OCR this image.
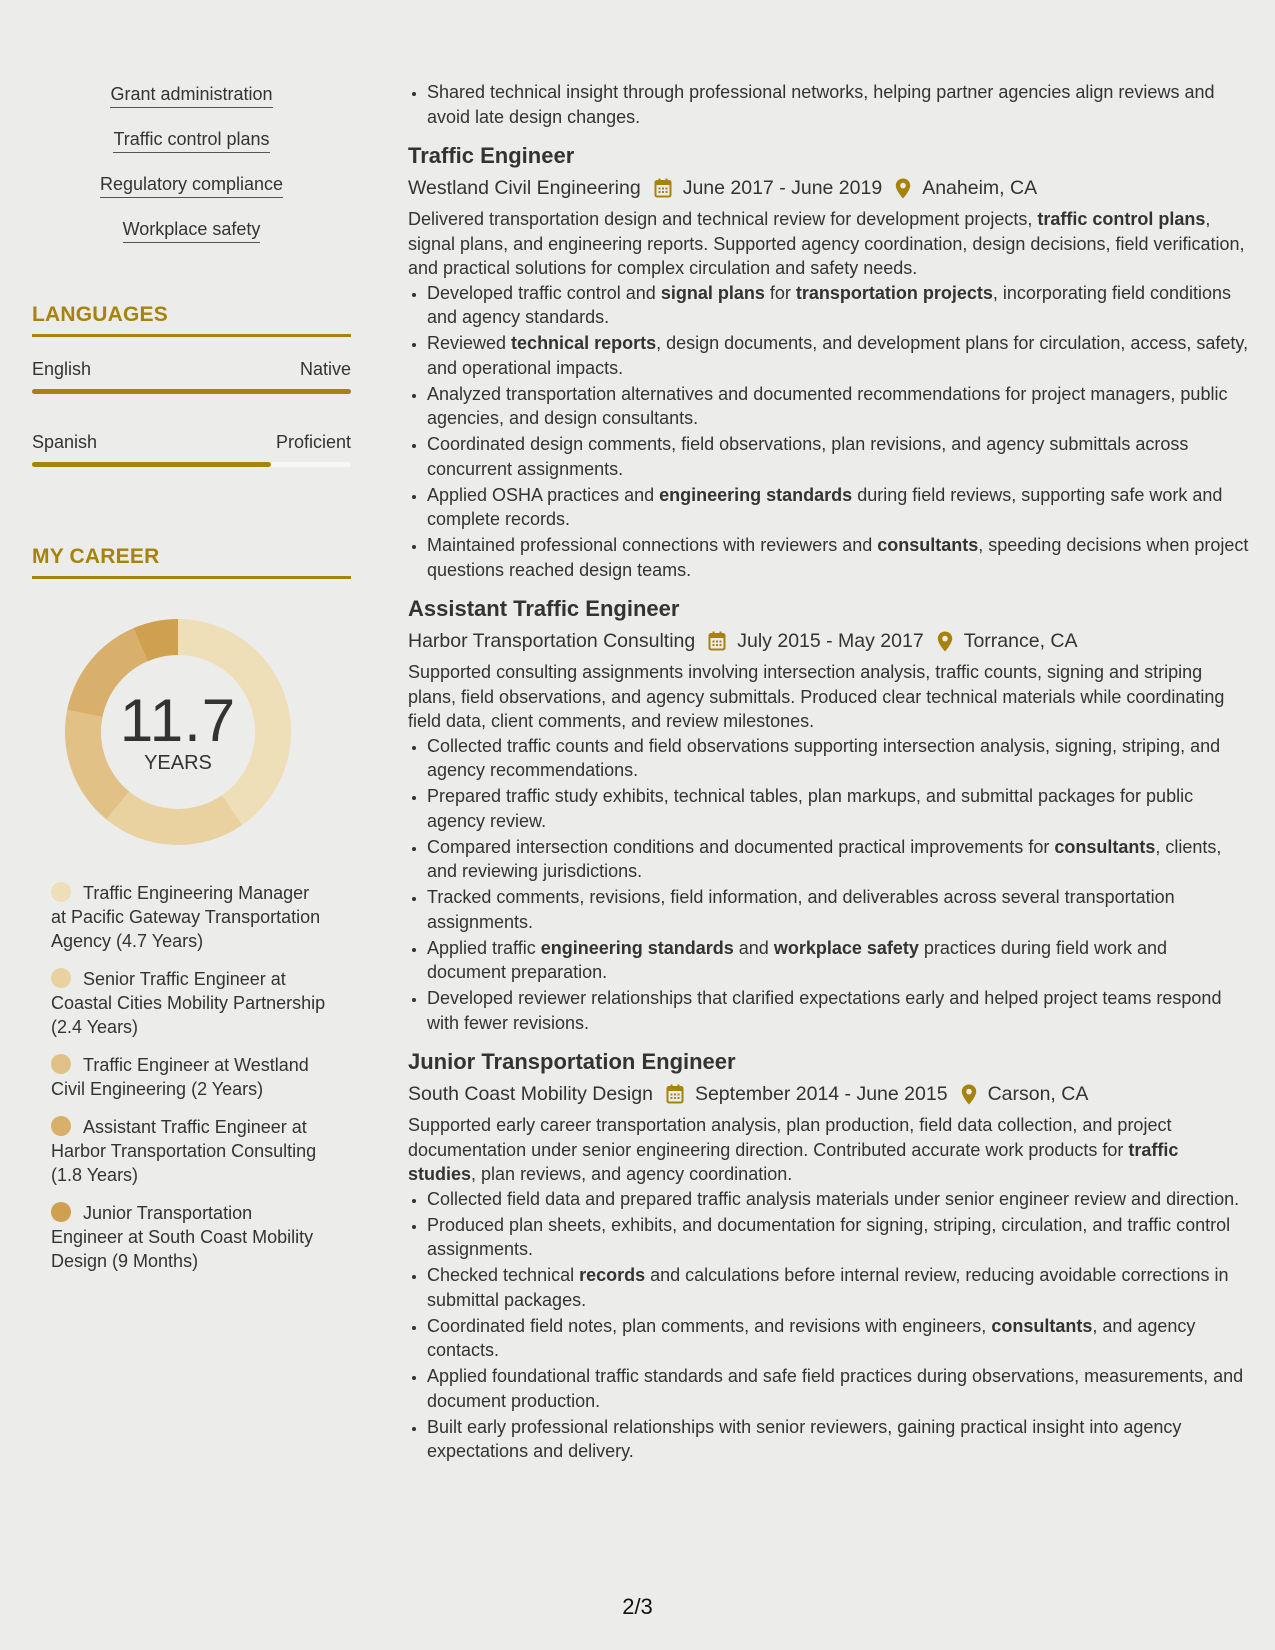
Grant administration
Traffic control plans
Regulatory compliance
Workplace safety
LANGUAGES
English	Native
Spanish	Proficient
MY CAREER
11.7
YEARS
Traffic Engineering Manager at Pacific Gateway Transportation Agency (4.7 Years)
Senior Traffic Engineer at Coastal Cities Mobility Partnership (2.4 Years)
Traffic Engineer at Westland Civil Engineering (2 Years)
Assistant Traffic Engineer at Harbor Transportation Consulting (1.8 Years)
Junior Transportation Engineer at South Coast Mobility Design (9 Months)
• Shared technical insight through professional networks, helping partner agencies align reviews and avoid late design changes.
Traffic Engineer
Westland Civil Engineering June 2017 - June 2019 Anaheim, CA
Delivered transportation design and technical review for development projects, traffic control plans, signal plans, and engineering reports. Supported agency coordination, design decisions, field verification, and practical solutions for complex circulation and safety needs.
• Developed traffic control and signal plans for transportation projects, incorporating field conditions and agency standards.
• Reviewed technical reports, design documents, and development plans for circulation, access, safety, and operational impacts.
• Analyzed transportation alternatives and documented recommendations for project managers, public agencies, and design consultants.
• Coordinated design comments, field observations, plan revisions, and agency submittals across concurrent assignments.
• Applied OSHA practices and engineering standards during field reviews, supporting safe work and complete records.
• Maintained professional connections with reviewers and consultants, speeding decisions when project questions reached design teams.
Assistant Traffic Engineer
Harbor Transportation Consulting July 2015 - May 2017 Torrance, CA
Supported consulting assignments involving intersection analysis, traffic counts, signing and striping plans, field observations, and agency submittals. Produced clear technical materials while coordinating field data, client comments, and review milestones.
• Collected traffic counts and field observations supporting intersection analysis, signing, striping, and agency recommendations.
• Prepared traffic study exhibits, technical tables, plan markups, and submittal packages for public agency review.
• Compared intersection conditions and documented practical improvements for consultants, clients, and reviewing jurisdictions.
• Tracked comments, revisions, field information, and deliverables across several transportation assignments.
• Applied traffic engineering standards and workplace safety practices during field work and document preparation.
• Developed reviewer relationships that clarified expectations early and helped project teams respond with fewer revisions.
Junior Transportation Engineer
South Coast Mobility Design September 2014 - June 2015 Carson, CA
Supported early career transportation analysis, plan production, field data collection, and project documentation under senior engineering direction. Contributed accurate work products for traffic studies, plan reviews, and agency coordination.
• Collected field data and prepared traffic analysis materials under senior engineer review and direction.
• Produced plan sheets, exhibits, and documentation for signing, striping, circulation, and traffic control assignments.
• Checked technical records and calculations before internal review, reducing avoidable corrections in submittal packages.
• Coordinated field notes, plan comments, and revisions with engineers, consultants, and agency contacts.
• Applied foundational traffic standards and safe field practices during observations, measurements, and document production.
• Built early professional relationships with senior reviewers, gaining practical insight into agency expectations and delivery.
2/3
